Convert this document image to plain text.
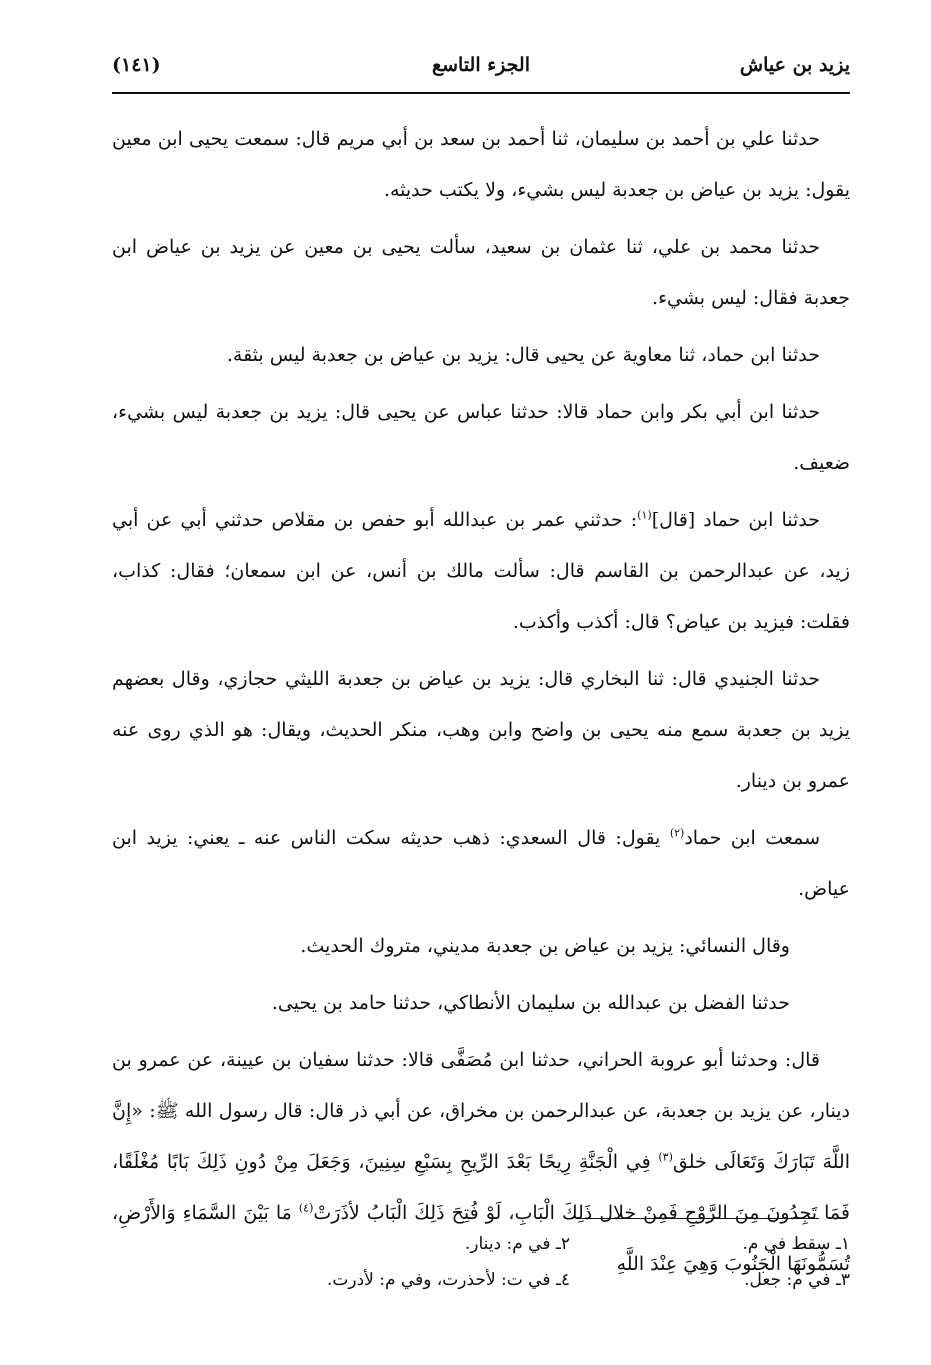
يزيد بن عياش
الجزء التاسع
(١٤١)

حدثنا علي بن أحمد بن سليمان، ثنا أحمد بن سعد بن أبي مريم قال: سمعت يحيى ابن معين يقول: يزيد بن عياض بن جعدبة ليس بشيء، ولا يكتب حديثه.

حدثنا محمد بن علي، ثنا عثمان بن سعيد، سألت يحيى بن معين عن يزيد بن عياض ابن جعدبة فقال: ليس بشيء.

حدثنا ابن حماد، ثنا معاوية عن يحيى قال: يزيد بن عياض بن جعدبة ليس بثقة.

حدثنا ابن أبي بكر وابن حماد قالا: حدثنا عباس عن يحيى قال: يزيد بن جعدبة ليس بشيء، ضعيف.

حدثنا ابن حماد [قال]$^{(١)}$: حدثني عمر بن عبدالله أبو حفص بن مقلاص حدثني أبي عن أبي زيد، عن عبدالرحمن بن القاسم قال: سألت مالك بن أنس، عن ابن سمعان؛ فقال: كذاب، فقلت: فيزيد بن عياض؟ قال: أكذب وأكذب.

حدثنا الجنيدي قال: ثنا البخاري قال: يزيد بن عياض بن جعدبة الليثي حجازي، وقال بعضهم يزيد بن جعدبة سمع منه يحيى بن واضح وابن وهب، منكر الحديث، ويقال: هو الذي روى عنه عمرو بن دينار.

سمعت ابن حماد$^{(٢)}$ يقول: قال السعدي: ذهب حديثه سكت الناس عنه ـ يعني: يزيد ابن عياض.

وقال النسائي: يزيد بن عياض بن جعدبة مديني، متروك الحديث.

حدثنا الفضل بن عبدالله بن سليمان الأنطاكي، حدثنا حامد بن يحيى.

قال: وحدثنا أبو عروبة الحراني، حدثنا ابن مُصَفَّى قالا: حدثنا سفيان بن عيينة، عن عمرو بن دينار، عن يزيد بن جعدبة، عن عبدالرحمن بن مخراق، عن أبي ذر قال: قال رسول الله ﷺ: «إِنَّ اللَّهَ تَبَارَكَ وَتَعَالَى خلق$^{(٣)}$ فِي الْجَنَّةِ رِيحًا بَعْدَ الرِّيحِ بِسَبْعِ سِنِينَ، وَجَعَلَ مِنْ دُونِ ذَلِكَ بَابًا مُغْلَقًا، فَمَا تَجِدُونَ مِنَ الرَّوْحِ فَمِنْ خلال ذَلِكَ الْبَابِ، لَوْ فُتِحَ ذَلِكَ الْبَابُ لأذَرَتْ$^{(٤)}$ مَا بَيْنَ السَّمَاءِ وَالأَرْضِ، تُسَمُّونَهَا الْجَنُوبَ وَهِيَ عِنْدَ اللَّهِ

١ـ سقط في م.
٢ـ في م: دينار.
٣ـ في م: جعل.
٤ـ في ت: لأحذرت، وفي م: لأدرت.
